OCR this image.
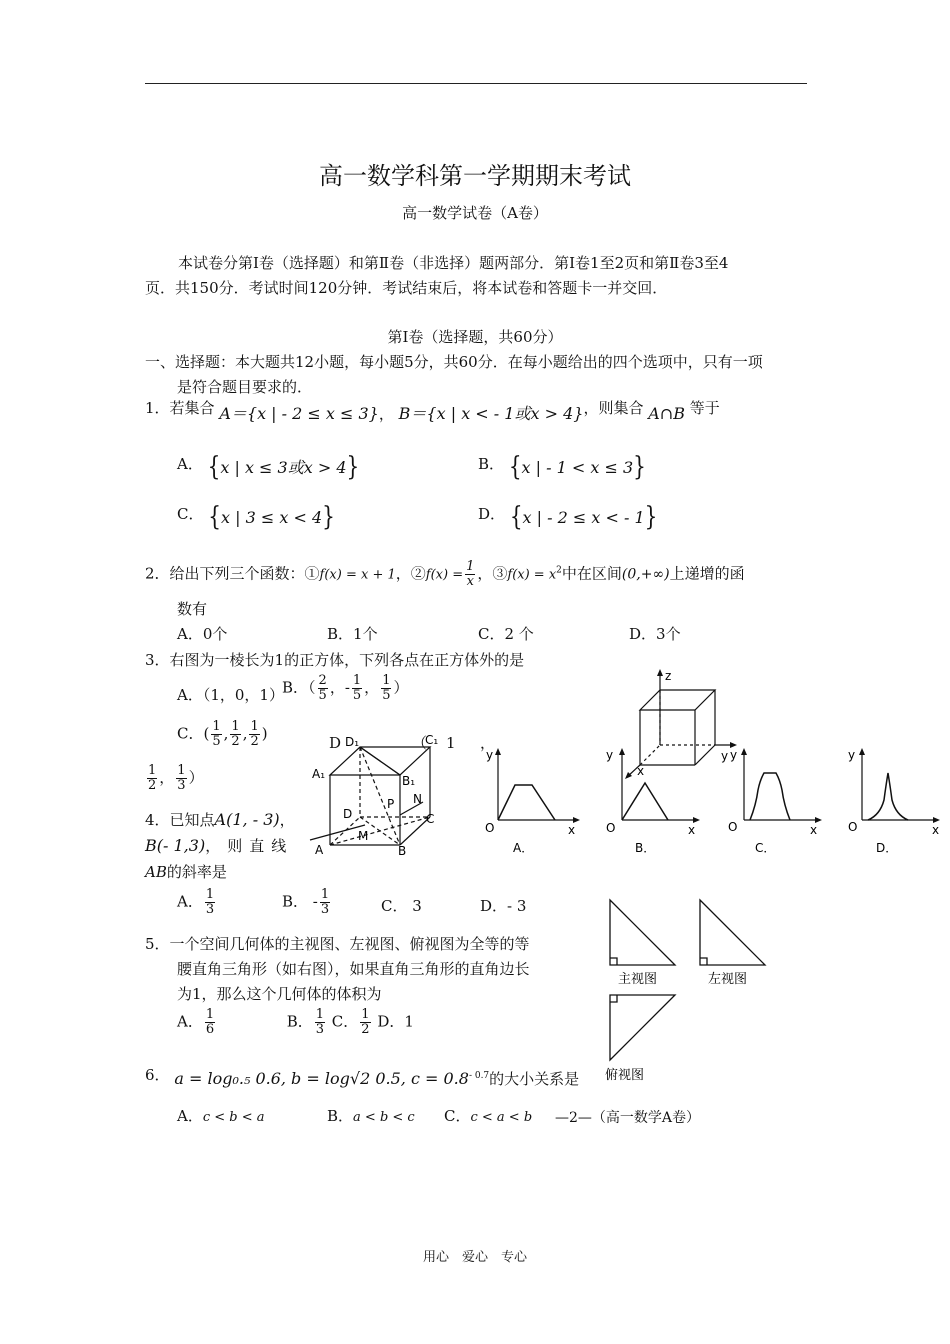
高一数学科第一学期期末考试
高一数学试卷（A卷）
本试卷分第Ⅰ卷（选择题）和第Ⅱ卷（非选择）题两部分．第Ⅰ卷1至2页和第Ⅱ卷3至4
页．共150分．考试时间120分钟．考试结束后，将本试卷和答题卡一并交回．
第Ⅰ卷（选择题，共60分）
一、选择题：本大题共12小题，每小题5分，共60分．在每小题给出的四个选项中，只有一项
是符合题目要求的．
1．若集合 A＝{x | - 2 ≤ x ≤ 3}， B＝{x | x < - 1或x > 4}，则集合 A∩B 等于
A． {x | x ≤ 3或x > 4}	B． {x | - 1 < x ≤ 3}
C． {x | 3 ≤ x < 4}	D． {x | - 2 ≤ x < - 1}
2．给出下列三个函数：①f(x) = x + 1，②f(x) = $\frac{1}{x}$ ，③f(x) = $x^2$中在区间(0,+∞)上递增的函
数有
A．0个	B．1个	C．2 个	D．3个
3．右图为一棱长为1的正方体，下列各点在正方体外的是
A．（1，0，1）
B．（ $\frac{2}{5}$ ，- $\frac{1}{5}$ ， $\frac{1}{5}$ ）
C．( $\frac{1}{5}$ , $\frac{1}{2}$ , $\frac{1}{2}$ )
D	（ 1 ，
$\frac{1}{2}$ ， $\frac{1}{3}$ ）
D₁	C₁
A₁	B₁
D
P N
C
M
A	B
z
y
x
y
O	x
A．
y
O	x
B．
y
O	x
C．
y
O	x
D．
4．已知点A(1, - 3)，
B(- 1,3)，则直线
AB的斜率是
A． $\frac{1}{3}$	B． - $\frac{1}{3}$	C． 3	D．- 3
5．一个空间几何体的主视图、左视图、俯视图为全等的等
腰直角三角形（如右图），如果直角三角形的直角边长
为1，那么这个几何体的体积为
A． $\frac{1}{6}$	B． $\frac{1}{3}$ C． $\frac{1}{2}$ D．1
主视图	左视图
俯视图
6． a = log₀.₅ 0.6, b = log√2 0.5, $c = 0.8^{- 0.7}$的大小关系是
A．c < b < a	B．a < b < c C．c < a < b —2—（高一数学A卷）
用心　爱心　专心
